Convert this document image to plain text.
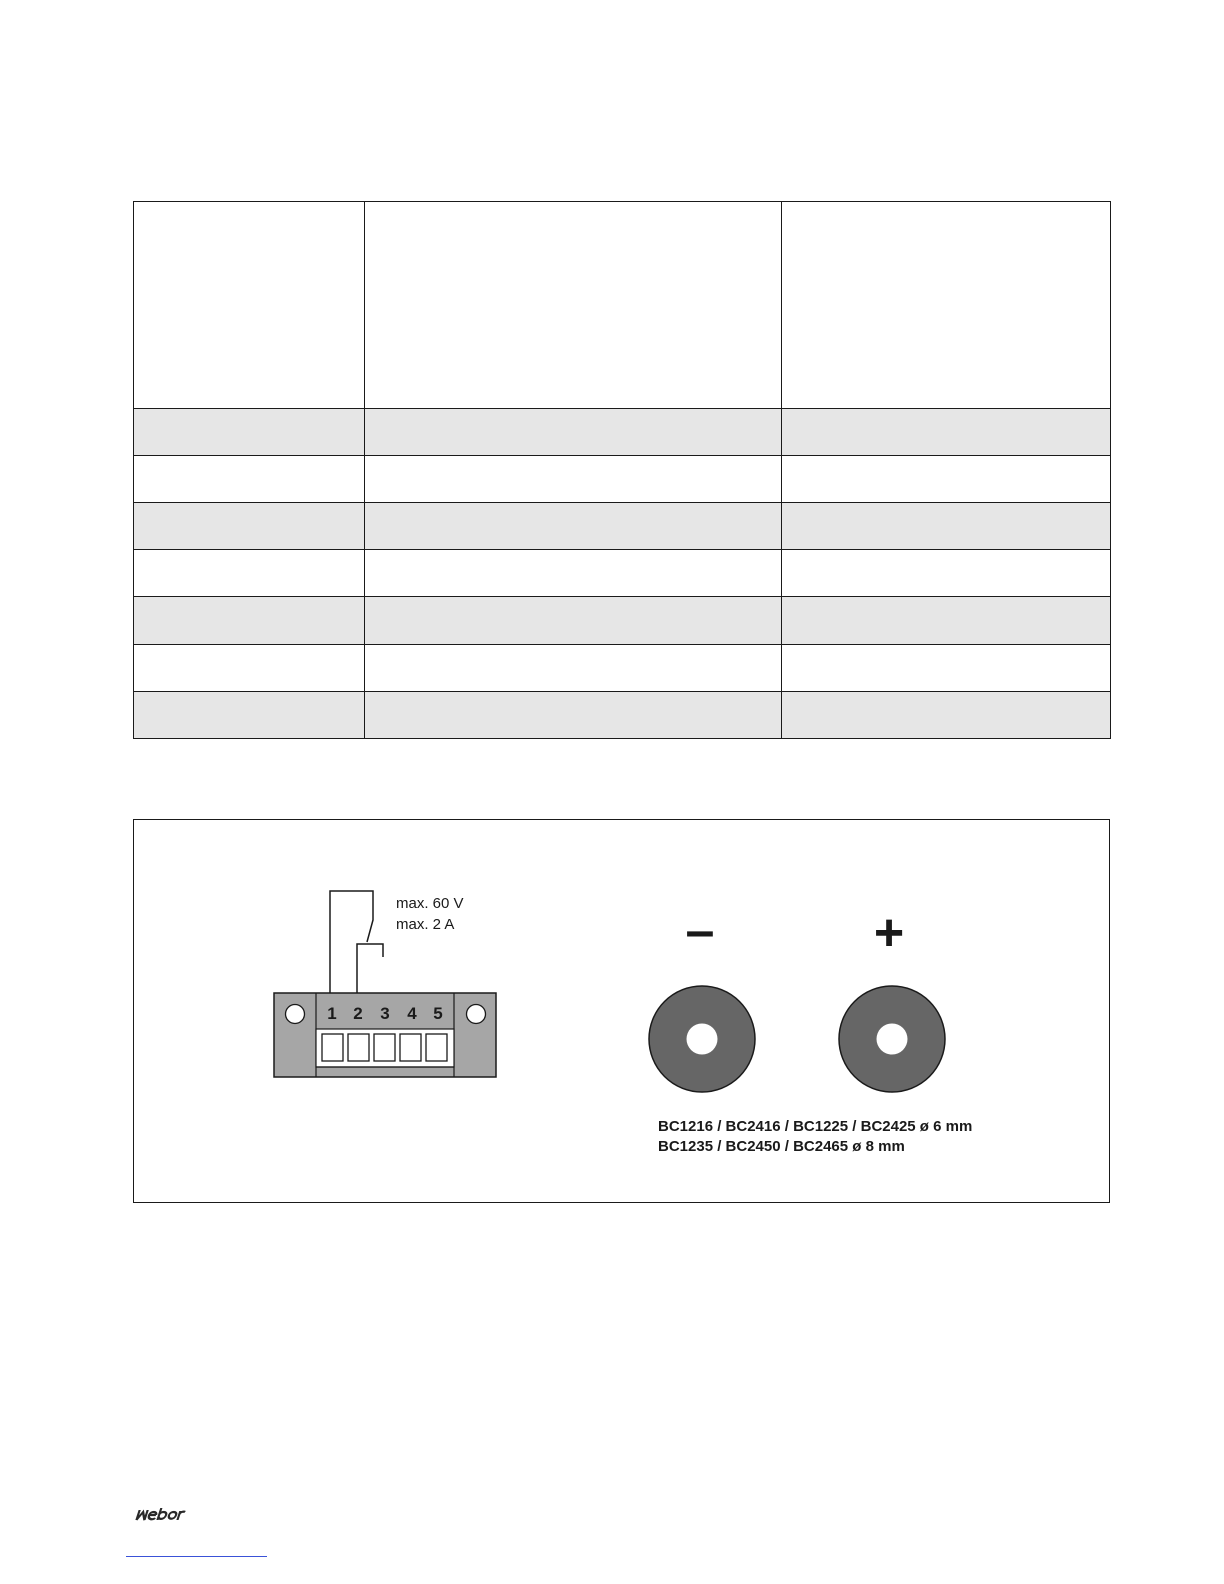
max. 60 V
max. 2 A
1 2 3 4 5
–	+
BC1216 / BC2416 / BC1225 / BC2425 ø 6 mm
BC1235 / BC2450 / BC2465 ø 8 mm
